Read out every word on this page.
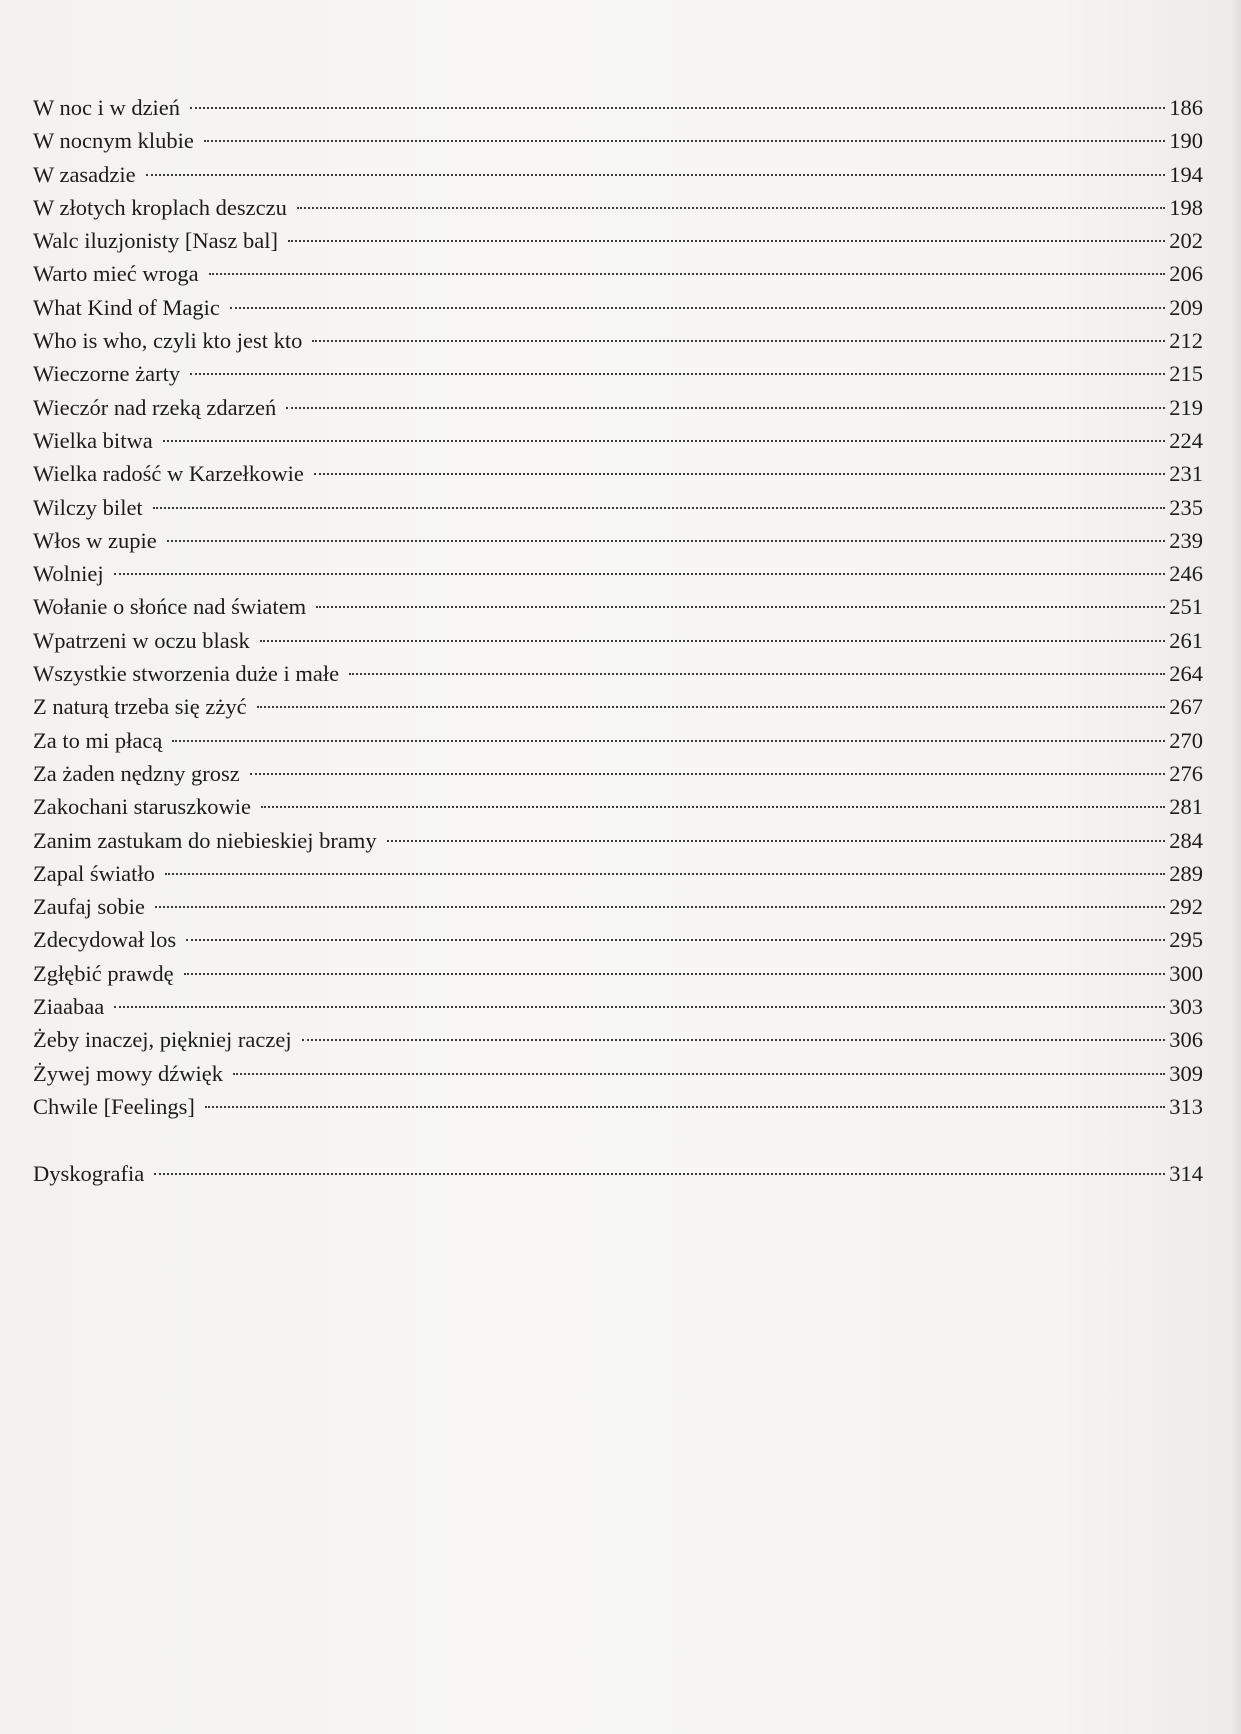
W noc i w dzień	186
W nocnym klubie	190
W zasadzie	194
W złotych kroplach deszczu	198
Walc iluzjonisty [Nasz bal]	202
Warto mieć wroga	206
What Kind of Magic	209
Who is who, czyli kto jest kto	212
Wieczorne żarty	215
Wieczór nad rzeką zdarzeń	219
Wielka bitwa	224
Wielka radość w Karzełkowie	231
Wilczy bilet	235
Włos w zupie	239
Wolniej	246
Wołanie o słońce nad światem	251
Wpatrzeni w oczu blask	261
Wszystkie stworzenia duże i małe	264
Z naturą trzeba się zżyć	267
Za to mi płacą	270
Za żaden nędzny grosz	276
Zakochani staruszkowie	281
Zanim zastukam do niebieskiej bramy	284
Zapal światło	289
Zaufaj sobie	292
Zdecydował los	295
Zgłębić prawdę	300
Ziaabaa	303
Żeby inaczej, piękniej raczej	306
Żywej mowy dźwięk	309
Chwile [Feelings]	313
Dyskografia	314
